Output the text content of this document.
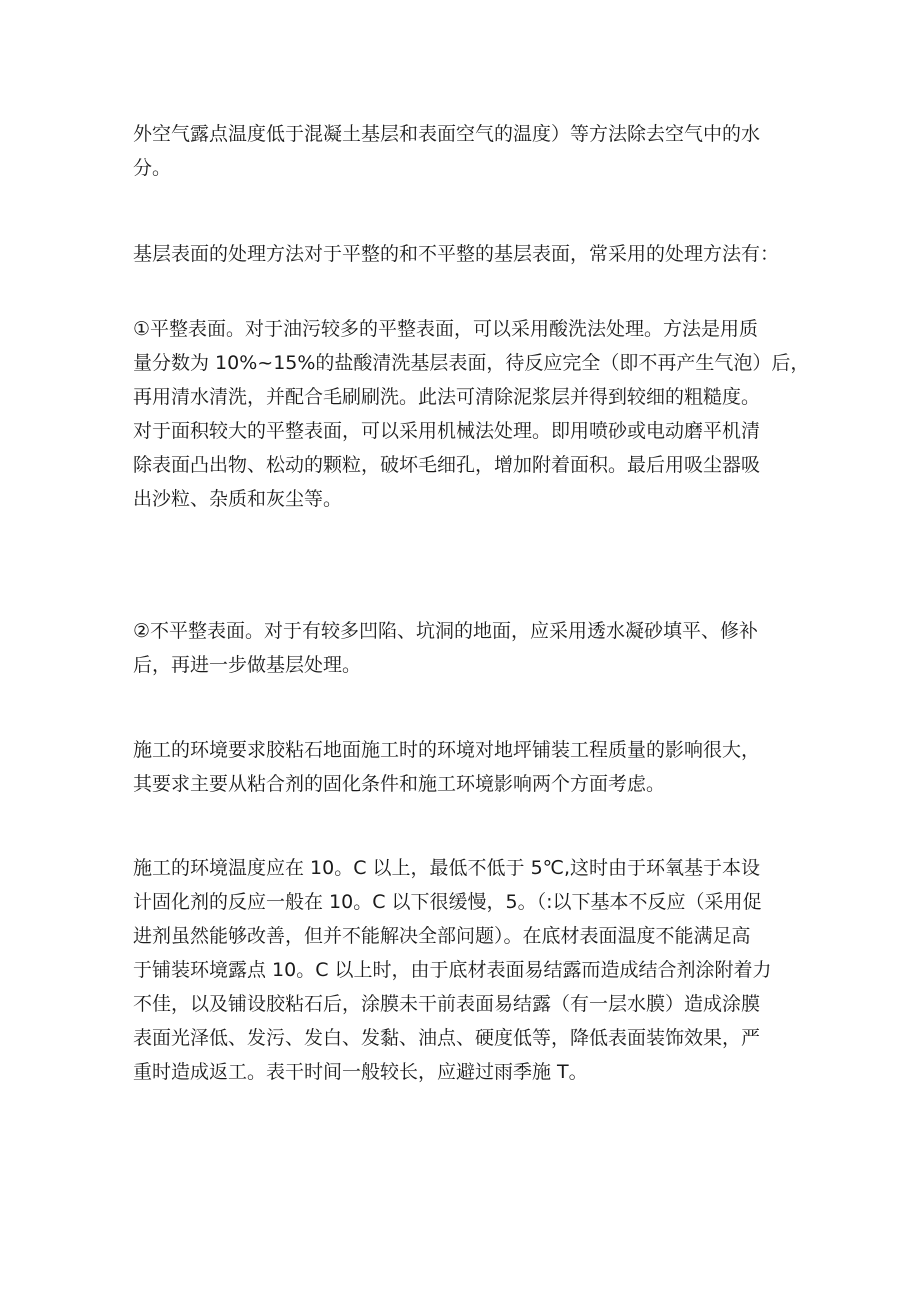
外空气露点温度低于混凝土基层和表面空气的温度）等方法除去空气中的水
分。

基层表面的处理方法对于平整的和不平整的基层表面，常采用的处理方法有：

①平整表面。对于油污较多的平整表面，可以采用酸洗法处理。方法是用质
量分数为 10%~15%的盐酸清洗基层表面，待反应完全（即不再产生气泡）后，
再用清水清洗，并配合毛刷刷洗。此法可清除泥浆层并得到较细的粗糙度。
对于面积较大的平整表面，可以采用机械法处理。即用喷砂或电动磨平机清
除表面凸出物、松动的颗粒，破坏毛细孔，增加附着面积。最后用吸尘器吸
出沙粒、杂质和灰尘等。

②不平整表面。对于有较多凹陷、坑洞的地面，应采用透水凝砂填平、修补
后，再进一步做基层处理。

施工的环境要求胶粘石地面施工时的环境对地坪铺装工程质量的影响很大，
其要求主要从粘合剂的固化条件和施工环境影响两个方面考虑。

施工的环境温度应在 10。C 以上，最低不低于 5℃,这时由于环氧基于本设
计固化剂的反应一般在 10。C 以下很缓慢，5。（:以下基本不反应（采用促
进剂虽然能够改善，但并不能解决全部问题）。在底材表面温度不能满足高
于铺装环境露点 10。C 以上时，由于底材表面易结露而造成结合剂涂附着力
不佳，以及铺设胶粘石后，涂膜未干前表面易结露（有一层水膜）造成涂膜
表面光泽低、发污、发白、发黏、油点、硬度低等，降低表面装饰效果，严
重时造成返工。表干时间一般较长，应避过雨季施 T。
